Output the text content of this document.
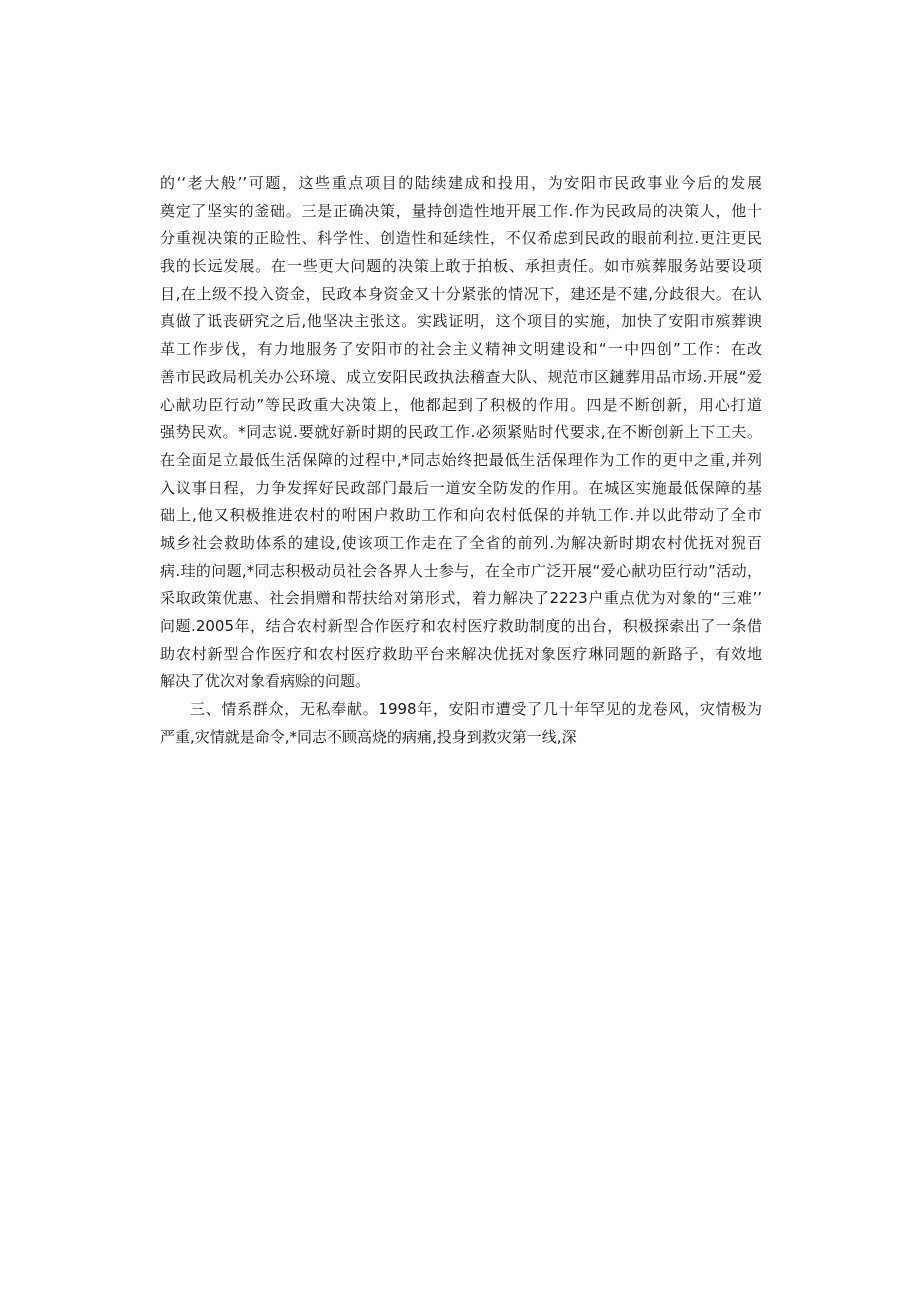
的‘‘老大般’’可题，这些重点项目的陆续建成和投用，为安阳市民政事业今后的发展
奠定了坚实的釜础。三是正确决策，量持创造性地开展工作.作为民政局的决策人，他十
分重视决策的正睑性、科学性、创造性和延续性，不仅希虑到民政的眼前利拉.更注更民
我的长远发展。在一些更大问题的决策上敢于拍板、承担责任。如市殡葬服务站要设项
目,在上级不投入资金，民政本身资金又十分紧张的情况下，建还是不建,分歧很大。在认
真做了诋丧研究之后,他坚决主张这。实践证明，这个项目的实施，加快了安阳市殡葬谀
革工作步伐，有力地服务了安阳市的社会主义精神文明建设和“一中四创”工作：在改
善市民政局机关办公环境、成立安阳民政执法稽查大队、规范市区鏈葬用品市场.开展“爱
心献功臣行动”等民政重大决策上，他都起到了积极的作用。四是不断创新，用心打道
强势民欢。*同志说.要就好新时期的民政工作.必须紧贴时代要求,在不断创新上下工夫。
在全面足立最低生活保障的过程中,*同志始终把最低生活保理作为工作的更中之重,并列
入议事日程，力争发挥好民政部门最后一道安全防发的作用。在城区实施最低保障的基
础上,他又积极推进农村的咐困户救助工作和向农村低保的并轨工作.并以此带动了全市
城乡社会救助体系的建设,使该项工作走在了全省的前列.为解决新时期农村优抚对猊百
病.珪的问题,*同志积极动员社会各界人士参与，在全市广泛开展“爱心献功臣行动”活动，
采取政策优惠、社会捐赠和帮扶给对第形式，着力解决了2223户重点优为对象的“三难’’
问题.2005年，结合农村新型合作医疗和农村医疗救助制度的出台，积极探索出了一条借
助农村新型合作医疗和农村医疗救助平台来解决优抚对象医疗琳同题的新路子，有效地
解决了优次对象看病赊的问题。
三、情系群众，无私奉献。1998年，安阳市遭受了几十年罕见的龙卷风，灾情极为
严重,灾情就是命令,*同志不顾高烧的病痛,投身到救灾第一线,深
